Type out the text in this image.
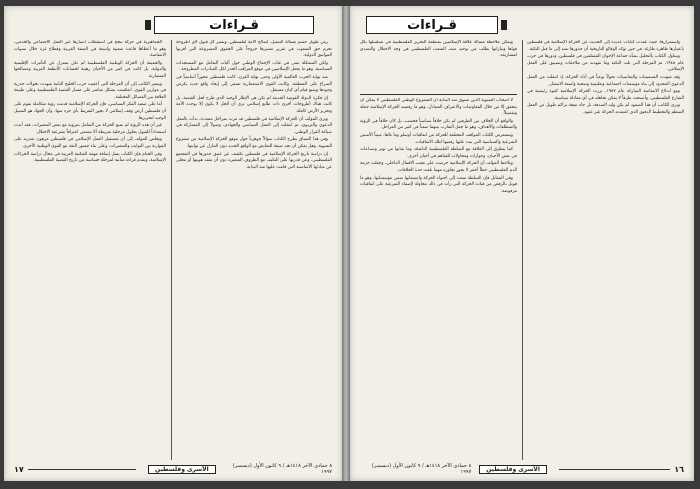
قـراءات

زمن طويل حسم مسألة التمثيل، لصالح الأمة لفلسطين، ويعتبر كل قبول لأي أطروحة تحرم حق الشعوب في تقرير مصيرها خروجاً على الحقوق المشروعة التي أقرتها المواثيق الدولية.

ولكن المشكلة تبقى في غياب الإجماع الوطني حول آليات التعامل مع المستجدات السياسية، وهو ما يجعل الإسلاميين في موقع المراقب الحذر لكل المبادرات المطروحة.

منذ نهاية الحرب العالمية الأولى وحتى نهاية القرن، كانت فلسطين محوراً أساسياً في الصراع على المنطقة، وكانت القوى الاستعمارية تسعى إلى إيجاد واقع جديد يكرس وجودها ويمنع قيام أي كيان مستقل.

إن فكرة الدولة القومية الحديثة لم تكن هي الإطار الوحيد الذي طرح لحل القضية، بل كانت هناك أطروحات أخرى ذات طابع إسلامي ترى أن الحل لا يكون إلا بوحدة الأمة وتحرير الأرض كاملة.

ويرى المؤلف أن الحركة الإسلامية في فلسطين قد مرت بمراحل متعددة، بدأت بالعمل الدعوي والتربوي، ثم انتقلت إلى العمل السياسي والجهادي، وصولاً إلى المشاركة في صياغة القرار الوطني.

وفي هذا السياق يطرح الكتاب سؤالاً جوهرياً حول موقع الحركة الإسلامية من مشروع التسوية، وهل يمكن أن تجد صيغة للتعايش مع الواقع الجديد دون التنازل عن ثوابتها.

إن دراسة تاريخ الحركة الإسلامية في فلسطين تكشف عن عمق جذورها في المجتمع الفلسطيني، وعن قدرتها على التكيف مع الظروف المتغيرة دون أن تفقد هويتها أو تتخلى عن مبادئها الأساسية التي قامت عليها منذ البداية.

الجماهيرية في حركة تنجح في استقطاب أنصارها عبر العمل الاجتماعي والخدمي، وهو ما أعطاها قاعدة شعبية واسعة في الضفة الغربية وقطاع غزة خلال سنوات الانتفاضة.

والحقيقة أن الحركة الوطنية الفلسطينية لم تكن بمعزل عن التأثيرات الإقليمية والدولية، بل كانت في كثير من الأحيان رهينة لحسابات الأنظمة العربية ومصالحها المتضاربة.

ويشير الكاتب إلى أن المرحلة التي أعقبت حرب الخليج الثانية شهدت تحولات جذرية في موازين القوى، انعكست بشكل مباشر على مسار القضية الفلسطينية وعلى طبيعة العلاقة بين الفصائل المختلفة.

أما على صعيد الفكر السياسي، فإن الحركة الإسلامية قدمت رؤية متكاملة تقوم على أن فلسطين أرض وقف إسلامي لا يجوز التفريط بأي جزء منها، وأن الجهاد هو السبيل الوحيد لتحريرها.

غير أن هذه الرؤية لم تمنع الحركة من التعامل بمرونة مع بعض المتغيرات، فقد أبدت استعداداً للقبول بحلول مرحلية شريطة ألا تتضمن اعترافاً بشرعية الاحتلال.

ويخلص المؤلف إلى أن مستقبل العمل الإسلامي في فلسطين مرهون بقدرته على الموازنة بين الثوابت والمتغيرات، وعلى بناء جسور الثقة مع القوى الوطنية الأخرى.

وفي الختام فإن الكتاب يمثل إضافة مهمة للمكتبة العربية في مجال دراسة الحركات الإسلامية، ويقدم قراءة متأنية لمرحلة حساسة من تاريخ القضية الفلسطينية.

٨ جمادى الآخر ١٤١٨هـ / ٩ كانون الأول (ديسمبر) ١٩٩٧
الأسرى وفلسطين
١٧
قـراءات

ويمكن ملاحظة مسألة علاقة الإسلاميين بمنظمة التحرير الفلسطينية في تسلسلها بكل قواها وتياراتها بطلب من توحيد صف الشعب الفلسطيني في وجه الاحتلال والتصدي لمشاريعه.

واستمرارها، حيث عمدت كتابات عديدة إلى الحديث عن الحركة الإسلامية في فلسطين باعتبارها ظاهرة طارئة، في حين تؤكد الوقائع التاريخية أن جذورها تمتد إلى ما قبل النكبة.

ويتناول الكتاب بالتحليل نشأة جماعة الإخوان المسلمين في فلسطين، ودورها في حرب عام ١٩٤٨، ثم المرحلة التي تلت النكبة وما شهدته من ملاحقات وتضييق على العمل الإسلامي.

وقد شهدت السبعينيات والثمانينيات تحولاً نوعياً في أداء الحركة، إذ انتقلت من العمل الدعوي المحدود إلى بناء مؤسسات اجتماعية وتعليمية وصحية واسعة الانتشار.

ومع اندلاع الانتفاضة المباركة عام ١٩٨٧، برزت الحركة الإسلامية كقوة رئيسية في الشارع الفلسطيني، وأصبحت طرفاً لا يمكن تجاهله في أي معادلة سياسية.

ويرى الكاتب أن هذا الصعود لم يكن وليد الصدفة، بل جاء نتيجة تراكم طويل من العمل المنظم والتخطيط الدقيق الذي اعتمدته الحركة عبر عقود.

لا أصحاب التسوية الذين تسوق منذ البداية أن المشروع الوطني الفلسطيني لا يمكن أن يتحقق إلا من خلال المفاوضات والاعتراف المتبادل، وهو ما رفضته الحركة الإسلامية جملة وتفصيلاً.

والواقع أن الخلاف بين الطرفين لم يكن خلافاً سياسياً فحسب، بل كان خلافاً في الرؤية والمنطلقات والأهداف، وهو ما جعل التقارب بينهما صعباً في كثير من المراحل.

ويستعرض الكتاب المواقف المختلفة للحركة من اتفاقيات أوسلو وما تلاها، مبيناً الأسس الشرعية والسياسية التي بنت عليها رفضها لتلك الاتفاقيات.

كما يتطرق إلى العلاقة مع السلطة الفلسطينية الناشئة، وما شابها من توتر وصدامات في بعض الأحيان، وحوارات ومحاولات للتفاهم في أحيان أخرى.

ويلاحظ المؤلف أن الحركة الإسلامية حرصت على تجنب الاقتتال الداخلي، وجعلت حرمة الدم الفلسطيني خطاً أحمر لا يجوز تجاوزه مهما بلغت حدة الخلافات.

وفي المقابل فإن السلطة سعت إلى احتواء الحركة واستيعابها ضمن مؤسساتها، وهو ما قوبل بالرفض من قيادة الحركة التي رأت في ذلك محاولة لإضفاء الشرعية على اتفاقيات مرفوضة.

١٦
الأسرى وفلسطين
٨ جمادى الآخر ١٤١٨هـ / ٩ كانون الأول (ديسمبر) ١٩٩٧
